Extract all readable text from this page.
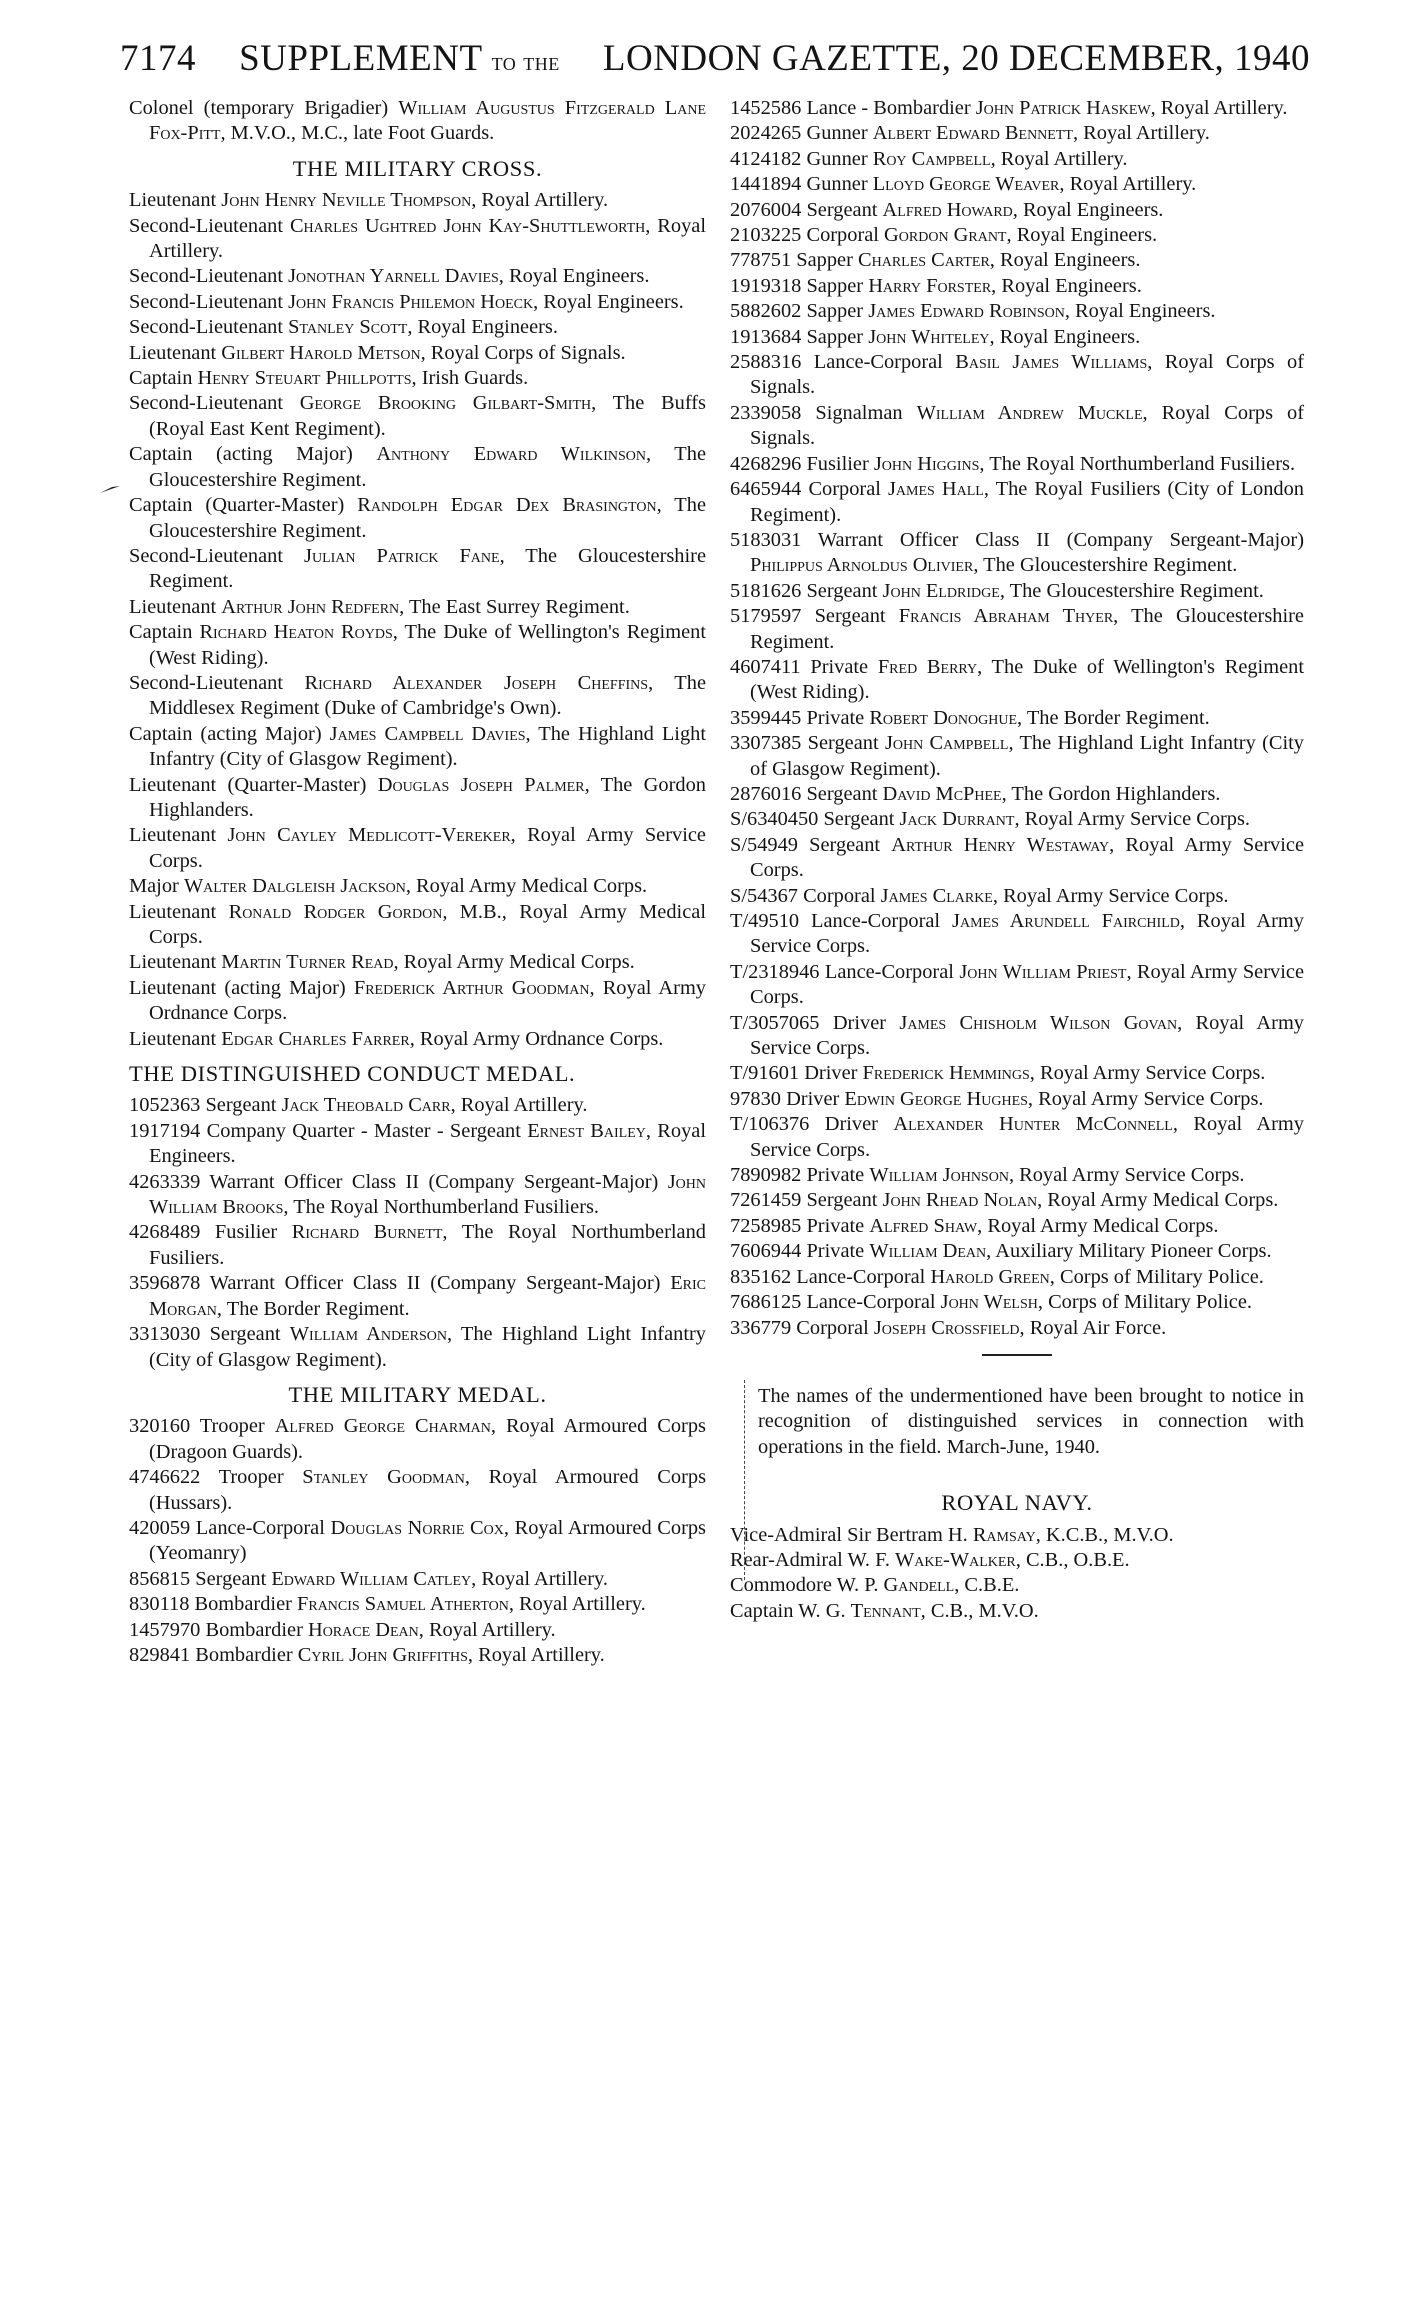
7174	SUPPLEMENT to the	LONDON GAZETTE, 20 DECEMBER, 1940
Colonel (temporary Brigadier) William Augustus Fitzgerald Lane Fox-Pitt, M.V.O., M.C., late Foot Guards.
THE MILITARY CROSS.
Lieutenant John Henry Neville Thompson, Royal Artillery.
Second-Lieutenant Charles Ughtred John Kay-Shuttleworth, Royal Artillery.
Second-Lieutenant Jonothan Yarnell Davies, Royal Engineers.
Second-Lieutenant John Francis Philemon Hoeck, Royal Engineers.
Second-Lieutenant Stanley Scott, Royal Engineers.
Lieutenant Gilbert Harold Metson, Royal Corps of Signals.
Captain Henry Steuart Phillpotts, Irish Guards.
Second-Lieutenant George Brooking Gilbart-Smith, The Buffs (Royal East Kent Regiment).
Captain (acting Major) Anthony Edward Wilkinson, The Gloucestershire Regiment.
Captain (Quarter-Master) Randolph Edgar Dex Brasington, The Gloucestershire Regiment.
Second-Lieutenant Julian Patrick Fane, The Gloucestershire Regiment.
Lieutenant Arthur John Redfern, The East Surrey Regiment.
Captain Richard Heaton Royds, The Duke of Wellington's Regiment (West Riding).
Second-Lieutenant Richard Alexander Joseph Cheffins, The Middlesex Regiment (Duke of Cambridge's Own).
Captain (acting Major) James Campbell Davies, The Highland Light Infantry (City of Glasgow Regiment).
Lieutenant (Quarter-Master) Douglas Joseph Palmer, The Gordon Highlanders.
Lieutenant John Cayley Medlicott-Vereker, Royal Army Service Corps.
Major Walter Dalgleish Jackson, Royal Army Medical Corps.
Lieutenant Ronald Rodger Gordon, M.B., Royal Army Medical Corps.
Lieutenant Martin Turner Read, Royal Army Medical Corps.
Lieutenant (acting Major) Frederick Arthur Goodman, Royal Army Ordnance Corps.
Lieutenant Edgar Charles Farrer, Royal Army Ordnance Corps.
THE DISTINGUISHED CONDUCT MEDAL.
1052363 Sergeant Jack Theobald Carr, Royal Artillery.
1917194 Company Quarter - Master - Sergeant Ernest Bailey, Royal Engineers.
4263339 Warrant Officer Class II (Company Sergeant-Major) John William Brooks, The Royal Northumberland Fusiliers.
4268489 Fusilier Richard Burnett, The Royal Northumberland Fusiliers.
3596878 Warrant Officer Class II (Company Sergeant-Major) Eric Morgan, The Border Regiment.
3313030 Sergeant William Anderson, The Highland Light Infantry (City of Glasgow Regiment).
THE MILITARY MEDAL.
320160 Trooper Alfred George Charman, Royal Armoured Corps (Dragoon Guards).
4746622 Trooper Stanley Goodman, Royal Armoured Corps (Hussars).
420059 Lance-Corporal Douglas Norrie Cox, Royal Armoured Corps (Yeomanry)
856815 Sergeant Edward William Catley, Royal Artillery.
830118 Bombardier Francis Samuel Atherton, Royal Artillery.
1457970 Bombardier Horace Dean, Royal Artillery.
829841 Bombardier Cyril John Griffiths, Royal Artillery.
1452586 Lance - Bombardier John Patrick Haskew, Royal Artillery.
2024265 Gunner Albert Edward Bennett, Royal Artillery.
4124182 Gunner Roy Campbell, Royal Artillery.
1441894 Gunner Lloyd George Weaver, Royal Artillery.
2076004 Sergeant Alfred Howard, Royal Engineers.
2103225 Corporal Gordon Grant, Royal Engineers.
778751 Sapper Charles Carter, Royal Engineers.
1919318 Sapper Harry Forster, Royal Engineers.
5882602 Sapper James Edward Robinson, Royal Engineers.
1913684 Sapper John Whiteley, Royal Engineers.
2588316 Lance-Corporal Basil James Williams, Royal Corps of Signals.
2339058 Signalman William Andrew Muckle, Royal Corps of Signals.
4268296 Fusilier John Higgins, The Royal Northumberland Fusiliers.
6465944 Corporal James Hall, The Royal Fusiliers (City of London Regiment).
5183031 Warrant Officer Class II (Company Sergeant-Major) Philippus Arnoldus Olivier, The Gloucestershire Regiment.
5181626 Sergeant John Eldridge, The Gloucestershire Regiment.
5179597 Sergeant Francis Abraham Thyer, The Gloucestershire Regiment.
4607411 Private Fred Berry, The Duke of Wellington's Regiment (West Riding).
3599445 Private Robert Donoghue, The Border Regiment.
3307385 Sergeant John Campbell, The Highland Light Infantry (City of Glasgow Regiment).
2876016 Sergeant David McPhee, The Gordon Highlanders.
S/6340450 Sergeant Jack Durrant, Royal Army Service Corps.
S/54949 Sergeant Arthur Henry Westaway, Royal Army Service Corps.
S/54367 Corporal James Clarke, Royal Army Service Corps.
T/49510 Lance-Corporal James Arundell Fairchild, Royal Army Service Corps.
T/2318946 Lance-Corporal John William Priest, Royal Army Service Corps.
T/3057065 Driver James Chisholm Wilson Govan, Royal Army Service Corps.
T/91601 Driver Frederick Hemmings, Royal Army Service Corps.
97830 Driver Edwin George Hughes, Royal Army Service Corps.
T/106376 Driver Alexander Hunter McConnell, Royal Army Service Corps.
7890982 Private William Johnson, Royal Army Service Corps.
7261459 Sergeant John Rhead Nolan, Royal Army Medical Corps.
7258985 Private Alfred Shaw, Royal Army Medical Corps.
7606944 Private William Dean, Auxiliary Military Pioneer Corps.
835162 Lance-Corporal Harold Green, Corps of Military Police.
7686125 Lance-Corporal John Welsh, Corps of Military Police.
336779 Corporal Joseph Crossfield, Royal Air Force.
The names of the undermentioned have been brought to notice in recognition of distinguished services in connection with operations in the field. March-June, 1940.
ROYAL NAVY.
Vice-Admiral Sir Bertram H. Ramsay, K.C.B., M.V.O.
Rear-Admiral W. F. Wake-Walker, C.B., O.B.E.
Commodore W. P. Gandell, C.B.E.
Captain W. G. Tennant, C.B., M.V.O.
